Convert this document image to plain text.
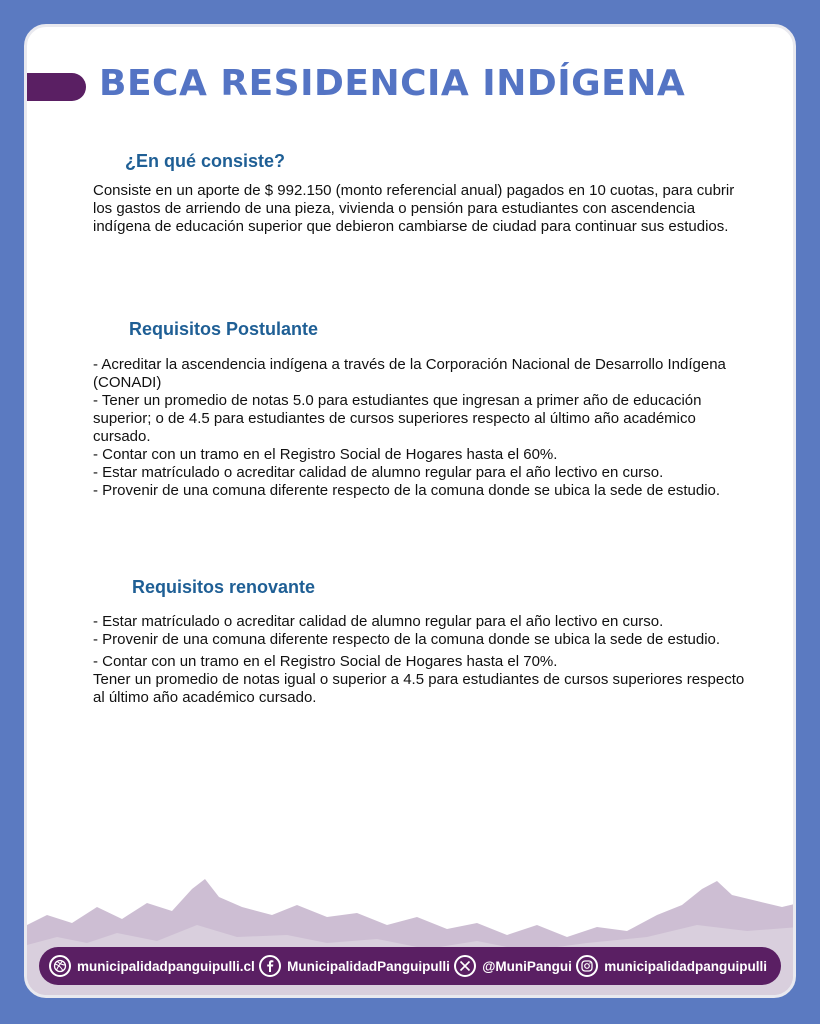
BECA RESIDENCIA INDÍGENA
¿En qué consiste?

Consiste en un aporte de $ 992.150 (monto referencial anual) pagados en 10 cuotas, para cubrir los gastos de arriendo de una pieza, vivienda o pensión para estudiantes con ascendencia indígena de educación superior que debieron cambiarse de ciudad para continuar sus estudios.

Requisitos Postulante
- Acreditar la ascendencia indígena a través de la Corporación Nacional de Desarrollo Indígena (CONADI)
- Tener un promedio de notas 5.0 para estudiantes que ingresan a primer año de educación superior; o de 4.5 para estudiantes de cursos superiores respecto al último año académico cursado.
- Contar con un tramo en el Registro Social de Hogares hasta el 60%.
- Estar matrículado o acreditar calidad de alumno regular para el año lectivo en curso.
- Provenir de una comuna diferente respecto de la comuna donde se ubica la sede de estudio.
Requisitos renovante
- Estar matrículado o acreditar calidad de alumno regular para el año lectivo en curso.
- Provenir de una comuna diferente respecto de la comuna donde se ubica la sede de estudio.
- Contar con un tramo en el Registro Social de Hogares hasta el 70%.
Tener un promedio de notas igual o superior a 4.5 para estudiantes de cursos superiores respecto al último año académico cursado.
municipalidadpanguipulli.cl MunicipalidadPanguipulli @MuniPangui municipalidadpanguipulli
